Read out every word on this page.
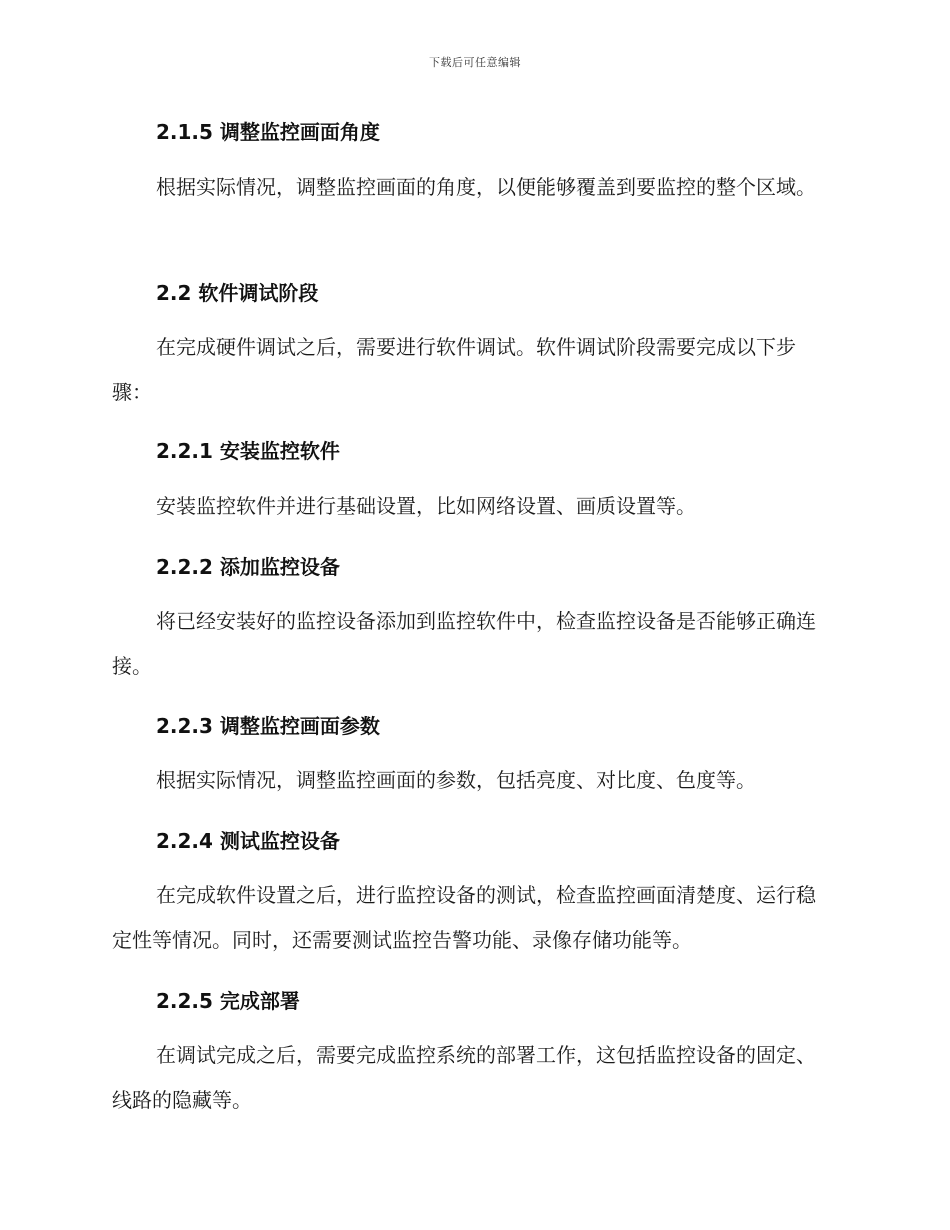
下载后可任意编辑
2.1.5 调整监控画面角度
根据实际情况，调整监控画面的角度，以便能够覆盖到要监控的整个区域。
2.2 软件调试阶段
在完成硬件调试之后，需要进行软件调试。软件调试阶段需要完成以下步骤：
2.2.1 安装监控软件
安装监控软件并进行基础设置，比如网络设置、画质设置等。
2.2.2 添加监控设备
将已经安装好的监控设备添加到监控软件中，检查监控设备是否能够正确连接。
2.2.3 调整监控画面参数
根据实际情况，调整监控画面的参数，包括亮度、对比度、色度等。
2.2.4 测试监控设备
在完成软件设置之后，进行监控设备的测试，检查监控画面清楚度、运行稳定性等情况。同时，还需要测试监控告警功能、录像存储功能等。
2.2.5 完成部署
在调试完成之后，需要完成监控系统的部署工作，这包括监控设备的固定、线路的隐藏等。
